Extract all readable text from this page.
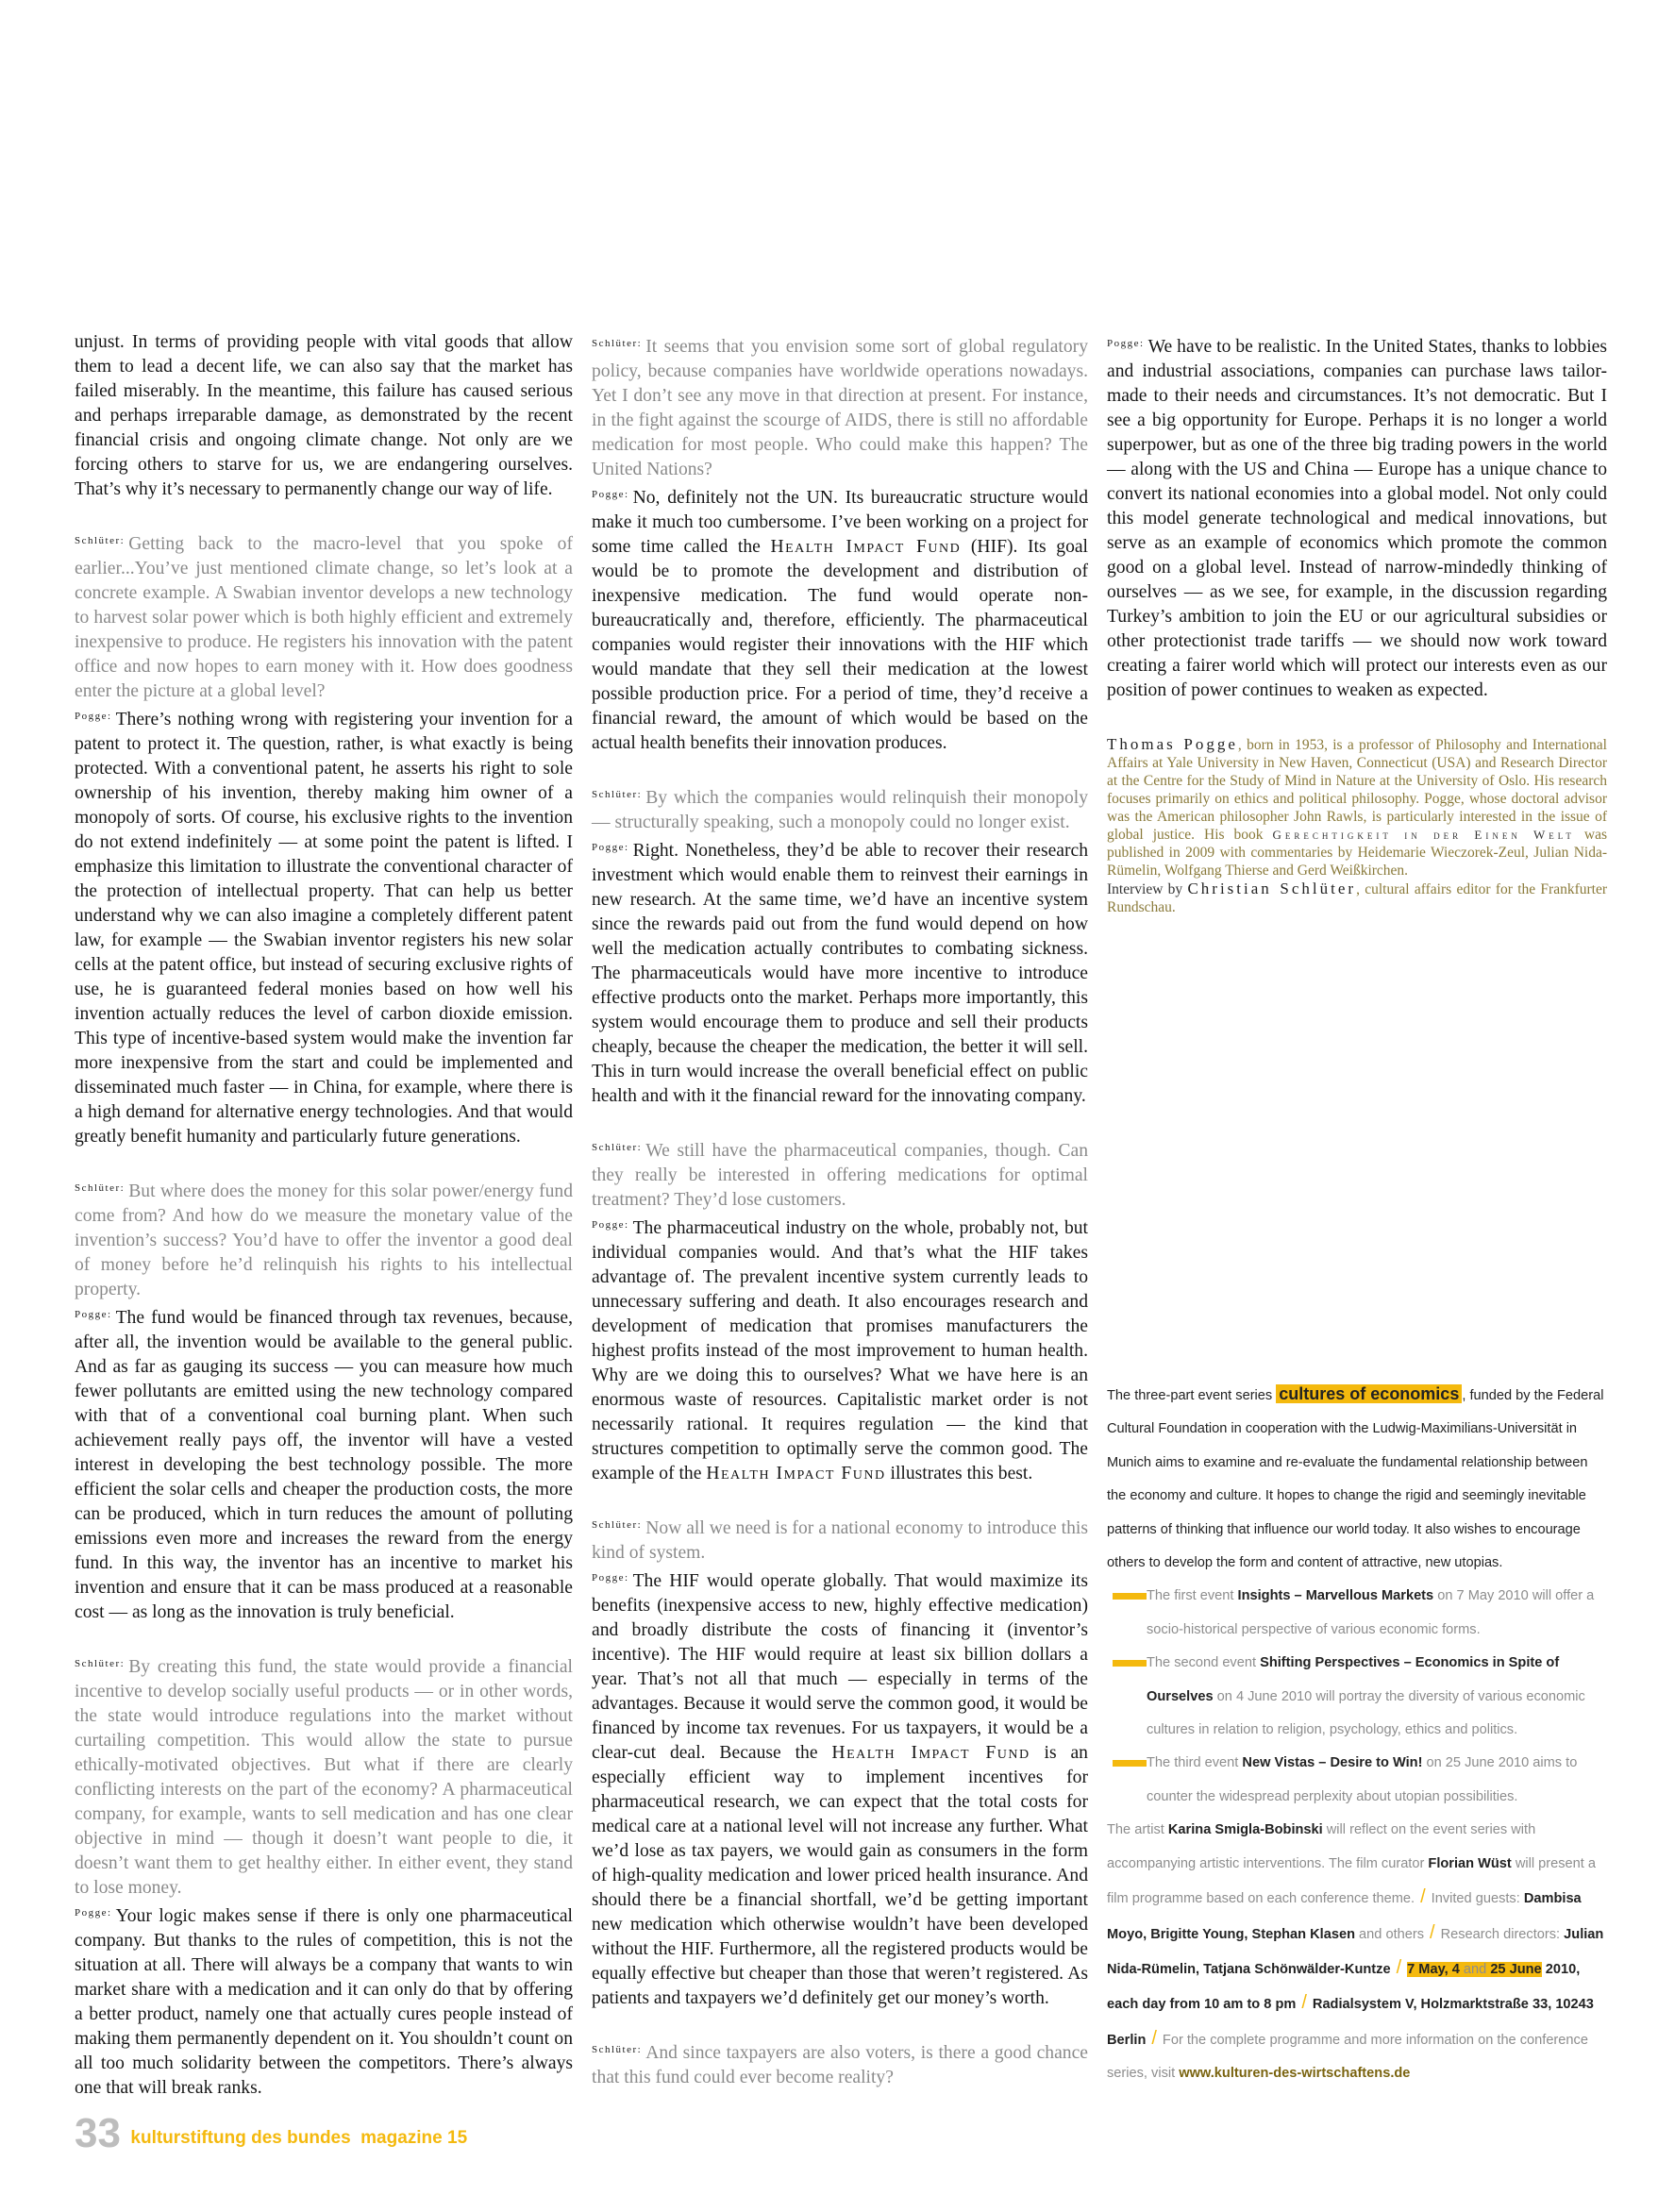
unjust. In terms of providing people with vital goods that allow them to lead a decent life, we can also say that the market has failed miserably. In the meantime, this failure has caused serious and perhaps irreparable damage, as demonstrated by the recent financial crisis and ongoing climate change. Not only are we forcing others to starve for us, we are endangering ourselves. That’s why it’s necessary to permanently change our way of life.

$^{Schlüter:}$ Getting back to the macro-level that you spoke of earlier...You’ve just mentioned climate change, so let’s look at a concrete example. A Swabian inventor develops a new technology to harvest solar power which is both highly efficient and extremely inexpensive to produce. He registers his innovation with the patent office and now hopes to earn money with it. How does goodness enter the picture at a global level?

$^{Pogge:}$ There’s nothing wrong with registering your invention for a patent to protect it. The question, rather, is what exactly is being protected. With a conventional patent, he asserts his right to sole ownership of his invention, thereby making him owner of a monopoly of sorts. Of course, his exclusive rights to the invention do not extend indefinitely — at some point the patent is lifted. I emphasize this limitation to illustrate the conventional character of the protection of intellectual property. That can help us better understand why we can also imagine a completely different patent law, for example — the Swabian inventor registers his new solar cells at the patent office, but instead of securing exclusive rights of use, he is guaranteed federal monies based on how well his invention actually reduces the level of carbon dioxide emission. This type of incentive-based system would make the invention far more inexpensive from the start and could be implemented and disseminated much faster — in China, for example, where there is a high demand for alternative energy technologies. And that would greatly benefit humanity and particularly future generations.

$^{Schlüter:}$ But where does the money for this solar power/energy fund come from? And how do we measure the monetary value of the invention’s success? You’d have to offer the inventor a good deal of money before he’d relinquish his rights to his intellectual property.

$^{Pogge:}$ The fund would be financed through tax revenues, because, after all, the invention would be available to the general public. And as far as gauging its success — you can measure how much fewer pollutants are emitted using the new technology compared with that of a conventional coal burning plant. When such achievement really pays off, the inventor will have a vested interest in developing the best technology possible. The more efficient the solar cells and cheaper the production costs, the more can be produced, which in turn reduces the amount of polluting emissions even more and increases the reward from the energy fund. In this way, the inventor has an incentive to market his invention and ensure that it can be mass produced at a reasonable cost — as long as the innovation is truly beneficial.

$^{Schlüter:}$ By creating this fund, the state would provide a financial incentive to develop socially useful products — or in other words, the state would introduce regulations into the market without curtailing competition. This would allow the state to pursue ethically-motivated objectives. But what if there are clearly conflicting interests on the part of the economy? A pharmaceutical company, for example, wants to sell medication and has one clear objective in mind — though it doesn’t want people to die, it doesn’t want them to get healthy either. In either event, they stand to lose money.

$^{Pogge:}$ Your logic makes sense if there is only one pharmaceutical company. But thanks to the rules of competition, this is not the situation at all. There will always be a company that wants to win market share with a medication and it can only do that by offering a better product, namely one that actually cures people instead of making them permanently dependent on it. You shouldn’t count on all too much solidarity between the competitors. There’s always one that will break ranks.

$^{Schlüter:}$ It seems that you envision some sort of global regulatory policy, because companies have worldwide operations nowadays. Yet I don’t see any move in that direction at present. For instance, in the fight against the scourge of AIDS, there is still no affordable medication for most people. Who could make this happen? The United Nations?

$^{Pogge:}$ No, definitely not the UN. Its bureaucratic structure would make it much too cumbersome. I’ve been working on a project for some time called the Health Impact Fund (HIF). Its goal would be to promote the development and distribution of inexpensive medication. The fund would operate non-bureaucratically and, therefore, efficiently. The pharmaceutical companies would register their innovations with the HIF which would mandate that they sell their medication at the lowest possible production price. For a period of time, they’d receive a financial reward, the amount of which would be based on the actual health benefits their innovation produces.

$^{Schlüter:}$ By which the companies would relinquish their monopoly — structurally speaking, such a monopoly could no longer exist.

$^{Pogge:}$ Right. Nonetheless, they’d be able to recover their research investment which would enable them to reinvest their earnings in new research. At the same time, we’d have an incentive system since the rewards paid out from the fund would depend on how well the medication actually contributes to combating sickness. The pharmaceuticals would have more incentive to introduce effective products onto the market. Perhaps more importantly, this system would encourage them to produce and sell their products cheaply, because the cheaper the medication, the better it will sell. This in turn would increase the overall beneficial effect on public health and with it the financial reward for the innovating company.

$^{Schlüter:}$ We still have the pharmaceutical companies, though. Can they really be interested in offering medications for optimal treatment? They’d lose customers.

$^{Pogge:}$ The pharmaceutical industry on the whole, probably not, but individual companies would. And that’s what the HIF takes advantage of. The prevalent incentive system currently leads to unnecessary suffering and death. It also encourages research and development of medication that promises manufacturers the highest profits instead of the most improvement to human health. Why are we doing this to ourselves? What we have here is an enormous waste of resources. Capitalistic market order is not necessarily rational. It requires regulation — the kind that structures competition to optimally serve the common good. The example of the Health Impact Fund illustrates this best.

$^{Schlüter:}$ Now all we need is for a national economy to introduce this kind of system.

$^{Pogge:}$ The HIF would operate globally. That would maximize its benefits (inexpensive access to new, highly effective medication) and broadly distribute the costs of financing it (inventor’s incentive). The HIF would require at least six billion dollars a year. That’s not all that much — especially in terms of the advantages. Because it would serve the common good, it would be financed by income tax revenues. For us taxpayers, it would be a clear-cut deal. Because the Health Impact Fund is an especially efficient way to implement incentives for pharmaceutical research, we can expect that the total costs for medical care at a national level will not increase any further. What we’d lose as tax payers, we would gain as consumers in the form of high-quality medication and lower priced health insurance. And should there be a financial shortfall, we’d be getting important new medication which otherwise wouldn’t have been developed without the HIF. Furthermore, all the registered products would be equally effective but cheaper than those that weren’t registered. As patients and taxpayers we’d definitely get our money’s worth.

$^{Schlüter:}$ And since taxpayers are also voters, is there a good chance that this fund could ever become reality?

$^{Pogge:}$ We have to be realistic. In the United States, thanks to lobbies and industrial associations, companies can purchase laws tailor-made to their needs and circumstances. It’s not democratic. But I see a big opportunity for Europe. Perhaps it is no longer a world superpower, but as one of the three big trading powers in the world — along with the US and China — Europe has a unique chance to convert its national economies into a global model. Not only could this model generate technological and medical innovations, but serve as an example of economics which promote the common good on a global level. Instead of narrow-mindedly thinking of ourselves — as we see, for example, in the discussion regarding Turkey’s ambition to join the EU or our agricultural subsidies or other protectionist trade tariffs — we should now work toward creating a fairer world which will protect our interests even as our position of power continues to weaken as expected.

Thomas Pogge, born in 1953, is a professor of Philosophy and International Affairs at Yale University in New Haven, Connecticut (USA) and Research Director at the Centre for the Study of Mind in Nature at the University of Oslo. His research focuses primarily on ethics and political philosophy. Pogge, whose doctoral advisor was the American philosopher John Rawls, is particularly interested in the issue of global justice. His book Gerechtigkeit in der Einen Welt was published in 2009 with commentaries by Heidemarie Wieczorek-Zeul, Julian Nida-Rümelin, Wolfgang Thierse and Gerd Weißkirchen.
Interview by Christian Schlüter, cultural affairs editor for the Frankfurter Rundschau.
The three-part event series cultures of economics , funded by the Federal Cultural Foundation in cooperation with the Ludwig-Maximilians-Universität in Munich aims to examine and re-evaluate the fundamental relationship between the economy and culture. It hopes to change the rigid and seemingly inevitable patterns of thinking that influence our world today. It also wishes to encourage others to develop the form and content of attractive, new utopias.
The first event Insights – Marvellous Markets on 7 May 2010 will offer a socio-historical perspective of various economic forms.
The second event Shifting Perspectives – Economics in Spite of Ourselves on 4 June 2010 will portray the diversity of various economic cultures in relation to religion, psychology, ethics and politics.
The third event New Vistas – Desire to Win! on 25 June 2010 aims to counter the widespread perplexity about utopian possibilities.
The artist Karina Smigla-Bobinski will reflect on the event series with accompanying artistic interventions. The film curator Florian Wüst will present a film programme based on each conference theme. / Invited guests: Dambisa Moyo, Brigitte Young, Stephan Klasen and others / Research directors: Julian Nida-Rümelin, Tatjana Schönwälder-Kuntze / 7 May, 4 and 25 June 2010, each day from 10 am to 8 pm / Radialsystem V, Holzmarktstraße 33, 10243 Berlin / For the complete programme and more information on the conference series, visit www.kulturen-des-wirtschaftens.de
33 kulturstiftung des bundes magazine 15
